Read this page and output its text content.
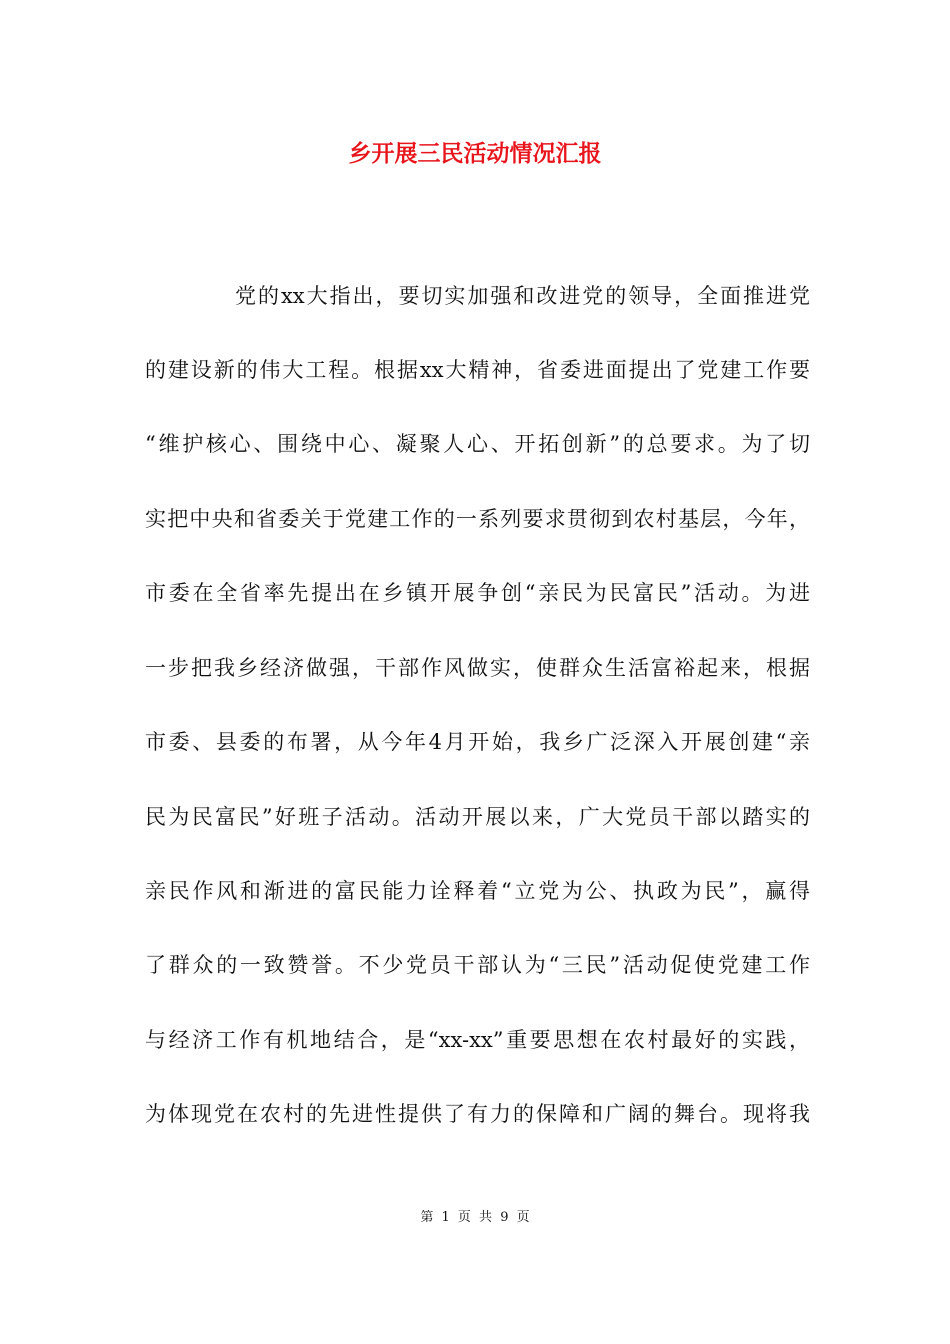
乡开展三民活动情况汇报
党的xx大指出，要切实加强和改进党的领导，全面推进党
的建设新的伟大工程。根据xx大精神，省委进面提出了党建工作要
“维护核心、围绕中心、凝聚人心、开拓创新”的总要求。为了切
实把中央和省委关于党建工作的一系列要求贯彻到农村基层，今年，
市委在全省率先提出在乡镇开展争创“亲民为民富民”活动。为进
一步把我乡经济做强，干部作风做实，使群众生活富裕起来，根据
市委、县委的布署，从今年4月开始，我乡广泛深入开展创建“亲
民为民富民”好班子活动。活动开展以来，广大党员干部以踏实的
亲民作风和渐进的富民能力诠释着“立党为公、执政为民”，赢得
了群众的一致赞誉。不少党员干部认为“三民”活动促使党建工作
与经济工作有机地结合，是“xx-xx”重要思想在农村最好的实践，
为体现党在农村的先进性提供了有力的保障和广阔的舞台。现将我
第 1 页 共 9 页
